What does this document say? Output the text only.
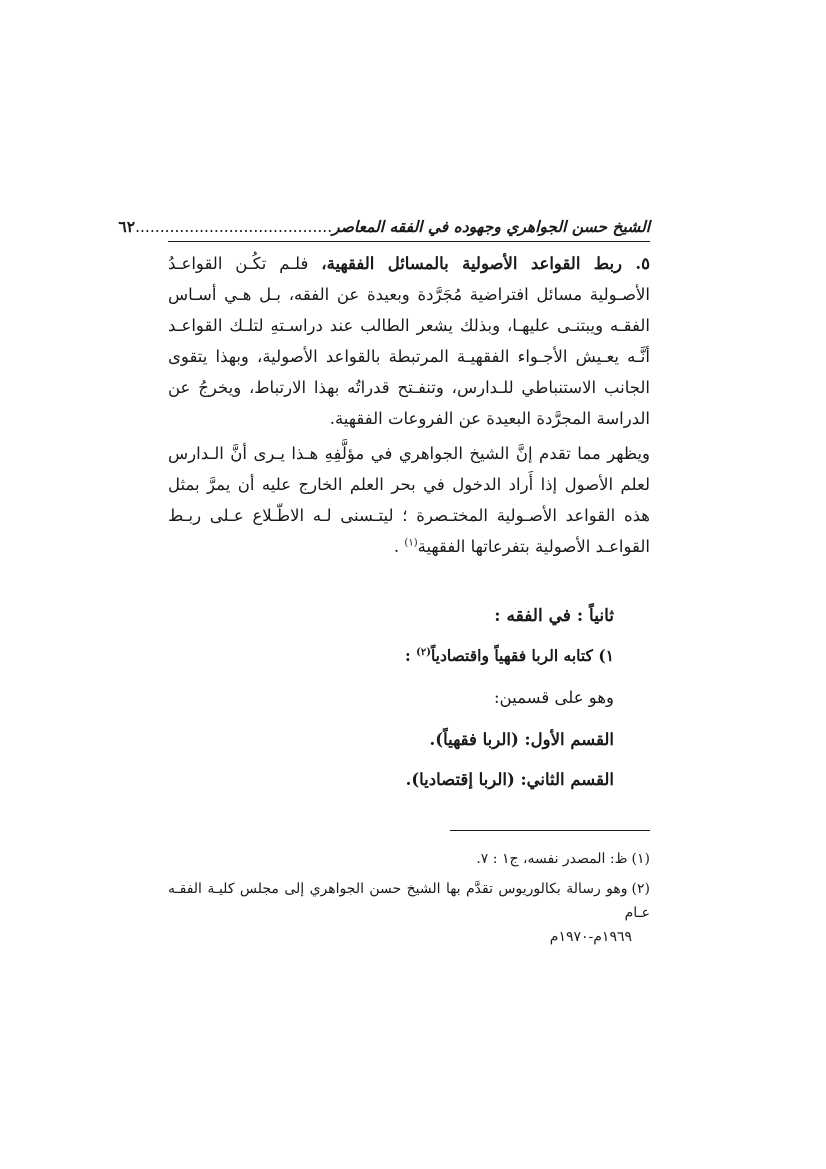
٦٢ ........................................ الشيخ حسن الجواهري وجهوده في الفقه المعاصر

٥. ربط القواعد الأصولية بالمسائل الفقهية، فلـم تكُـن القواعـدُ الأصـولية مسائل افتراضية مُجَرَّدة وبعيدة عن الفقه، بـل هـي أسـاس الفقـه ويبتنـى عليهـا، وبذلك يشعر الطالب عند دراسـتهِ لتلـك القواعـد أنَّـه يعـيش الأجـواء الفقهيـة المرتبطة بالقواعد الأصولية، وبهذا يتقوى الجانب الاستنباطي للـدارس، وتنفـتح قدراتُه بهذا الارتباط، ويخرجُ عن الدراسة المجرَّدة البعيدة عن الفروعات الفقهية.

ويظهر مما تقدم إنَّ الشيخ الجواهري في مؤلَّفِهِ هـذا يـرى أنَّ الـدارس لعلم الأصول إذا أَراد الدخول في بحر العلم الخارج عليه أن يمرَّ بمثل هذه القواعد الأصـولية المختـصرة ؛ ليتـسنى لـه الاطّـلاع عـلى ربـط القواعـد الأصولية بتفرعاتها الفقهية$^{(١)}$ .

ثانياً : في الفقه :
١) كتابه الربا فقهياً واقتصادياً$^{(٢)}$ :
وهو على قسمين:
القسم الأول: (الربا فقهياً).
القسم الثاني: (الربا إقتصاديا).

(١)ظ: المصدر نفسه، ج١ : ٧.

(٢)وهو رسالة بكالوريوس تقدَّم بها الشيخ حسن الجواهري إلى مجلس كليـة الفقـه عـام
١٩٦٩م-١٩٧٠م
